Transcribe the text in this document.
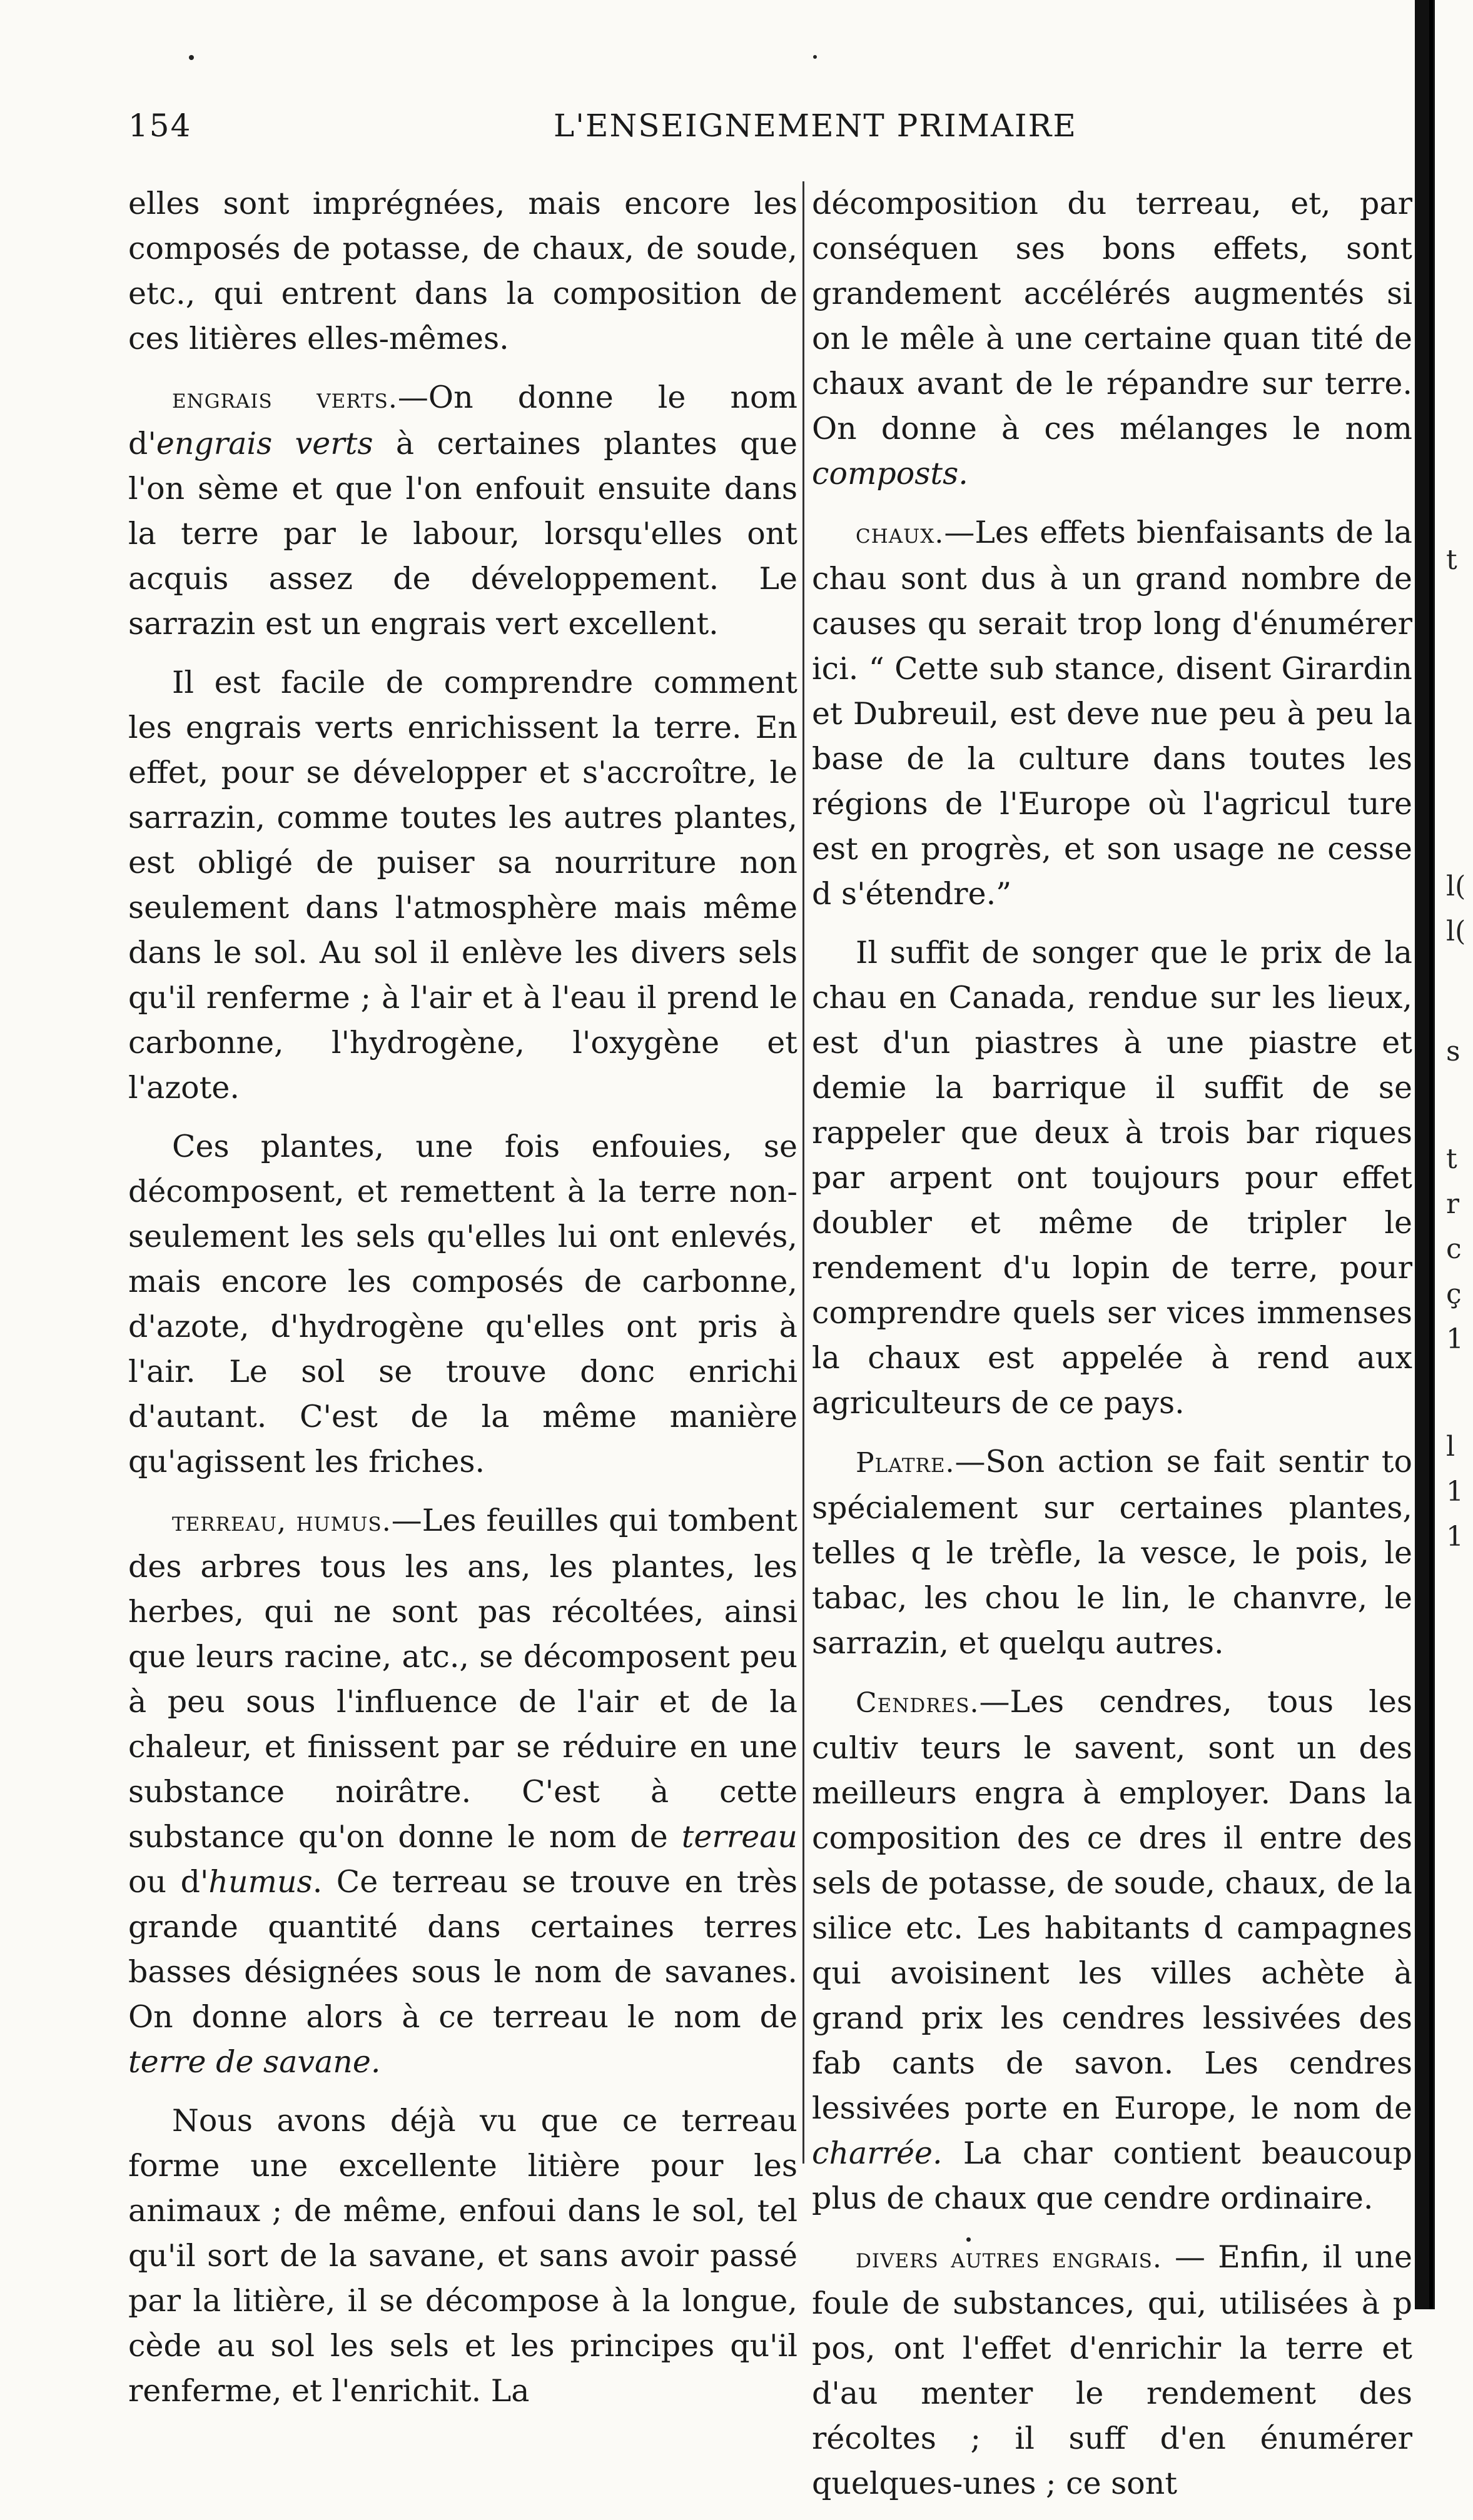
154	L'ENSEIGNEMENT PRIMAIRE

elles sont imprégnées, mais encore les composés de potasse, de chaux, de soude, etc., qui entrent dans la composition de ces litières elles-mêmes.

engrais verts.—On donne le nom d'engrais verts à certaines plantes que l'on sème et que l'on enfouit ensuite dans la terre par le labour, lorsqu'elles ont acquis assez de développement. Le sarrazin est un engrais vert excellent.

Il est facile de comprendre comment les engrais verts enrichissent la terre. En effet, pour se développer et s'accroître, le sarrazin, comme toutes les autres plantes, est obligé de puiser sa nourriture non seulement dans l'atmosphère mais même dans le sol. Au sol il enlève les divers sels qu'il renferme ; à l'air et à l'eau il prend le carbonne, l'hydrogène, l'oxygène et l'azote.

Ces plantes, une fois enfouies, se décomposent, et remettent à la terre non-seulement les sels qu'elles lui ont enlevés, mais encore les composés de carbonne, d'azote, d'hydrogène qu'elles ont pris à l'air. Le sol se trouve donc enrichi d'autant. C'est de la même manière qu'agissent les friches.

terreau, humus.—Les feuilles qui tombent des arbres tous les ans, les plantes, les herbes, qui ne sont pas récoltées, ainsi que leurs racine, atc., se décomposent peu à peu sous l'influence de l'air et de la chaleur, et finissent par se réduire en une substance noirâtre. C'est à cette substance qu'on donne le nom de terreau ou d'humus. Ce terreau se trouve en très grande quantité dans certaines terres basses désignées sous le nom de savanes. On donne alors à ce terreau le nom de terre de savane.

Nous avons déjà vu que ce terreau forme une excellente litière pour les animaux ; de même, enfoui dans le sol, tel qu'il sort de la savane, et sans avoir passé par la litière, il se décompose à la longue, cède au sol les sels et les principes qu'il renferme, et l'enrichit. La

décomposition du terreau, et, par conséquen ses bons effets, sont grandement accélérés augmentés si on le mêle à une certaine quan tité de chaux avant de le répandre sur terre. On donne à ces mélanges le nom composts.

chaux.—Les effets bienfaisants de la chau sont dus à un grand nombre de causes qu serait trop long d'énumérer ici. “ Cette sub stance, disent Girardin et Dubreuil, est deve nue peu à peu la base de la culture dans toutes les régions de l'Europe où l'agricul ture est en progrès, et son usage ne cesse d s'étendre.”

Il suffit de songer que le prix de la chau en Canada, rendue sur les lieux, est d'un piastres à une piastre et demie la barrique il suffit de se rappeler que deux à trois bar riques par arpent ont toujours pour effet doubler et même de tripler le rendement d'u lopin de terre, pour comprendre quels ser vices immenses la chaux est appelée à rend aux agriculteurs de ce pays.

Platre.—Son action se fait sentir to spécialement sur certaines plantes, telles q le trèfle, la vesce, le pois, le tabac, les chou le lin, le chanvre, le sarrazin, et quelqu autres.

Cendres.—Les cendres, tous les cultiv teurs le savent, sont un des meilleurs engra à employer. Dans la composition des ce dres il entre des sels de potasse, de soude, chaux, de la silice etc. Les habitants d campagnes qui avoisinent les villes achète à grand prix les cendres lessivées des fab cants de savon. Les cendres lessivées porte en Europe, le nom de charrée. La char contient beaucoup plus de chaux que cendre ordinaire.

divers autres engrais. — Enfin, il une foule de substances, qui, utilisées à p pos, ont l'effet d'enrichir la terre et d'au menter le rendement des récoltes ; il suff d'en énumérer quelques-unes ; ce sont

t
l(
l(
s
t
r
c
ç
1
l
1
1
